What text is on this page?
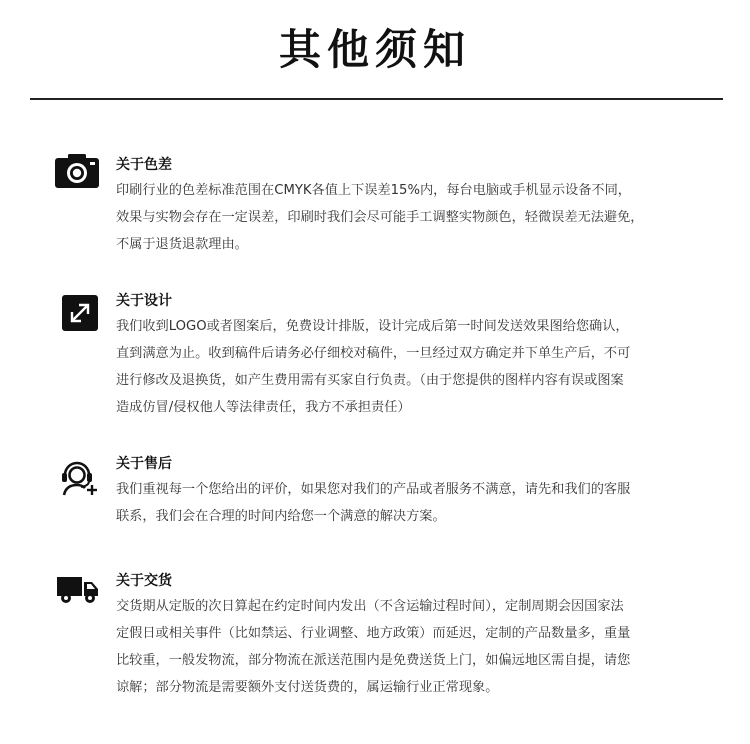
其他须知
关于色差
印刷行业的色差标准范围在CMYK各值上下误差15%内，每台电脑或手机显示设备不同，
效果与实物会存在一定误差，印刷时我们会尽可能手工调整实物颜色，轻微误差无法避免，
不属于退货退款理由。
关于设计
我们收到LOGO或者图案后，免费设计排版，设计完成后第一时间发送效果图给您确认，
直到满意为止。收到稿件后请务必仔细校对稿件，一旦经过双方确定并下单生产后，不可
进行修改及退换货，如产生费用需有买家自行负责。（由于您提供的图样内容有误或图案
造成仿冒/侵权他人等法律责任，我方不承担责任）
关于售后
我们重视每一个您给出的评价，如果您对我们的产品或者服务不满意，请先和我们的客服
联系，我们会在合理的时间内给您一个满意的解决方案。
关于交货
交货期从定版的次日算起在约定时间内发出（不含运输过程时间），定制周期会因国家法
定假日或相关事件（比如禁运、行业调整、地方政策）而延迟，定制的产品数量多，重量
比较重，一般发物流，部分物流在派送范围内是免费送货上门，如偏远地区需自提，请您
谅解；部分物流是需要额外支付送货费的，属运输行业正常现象。
